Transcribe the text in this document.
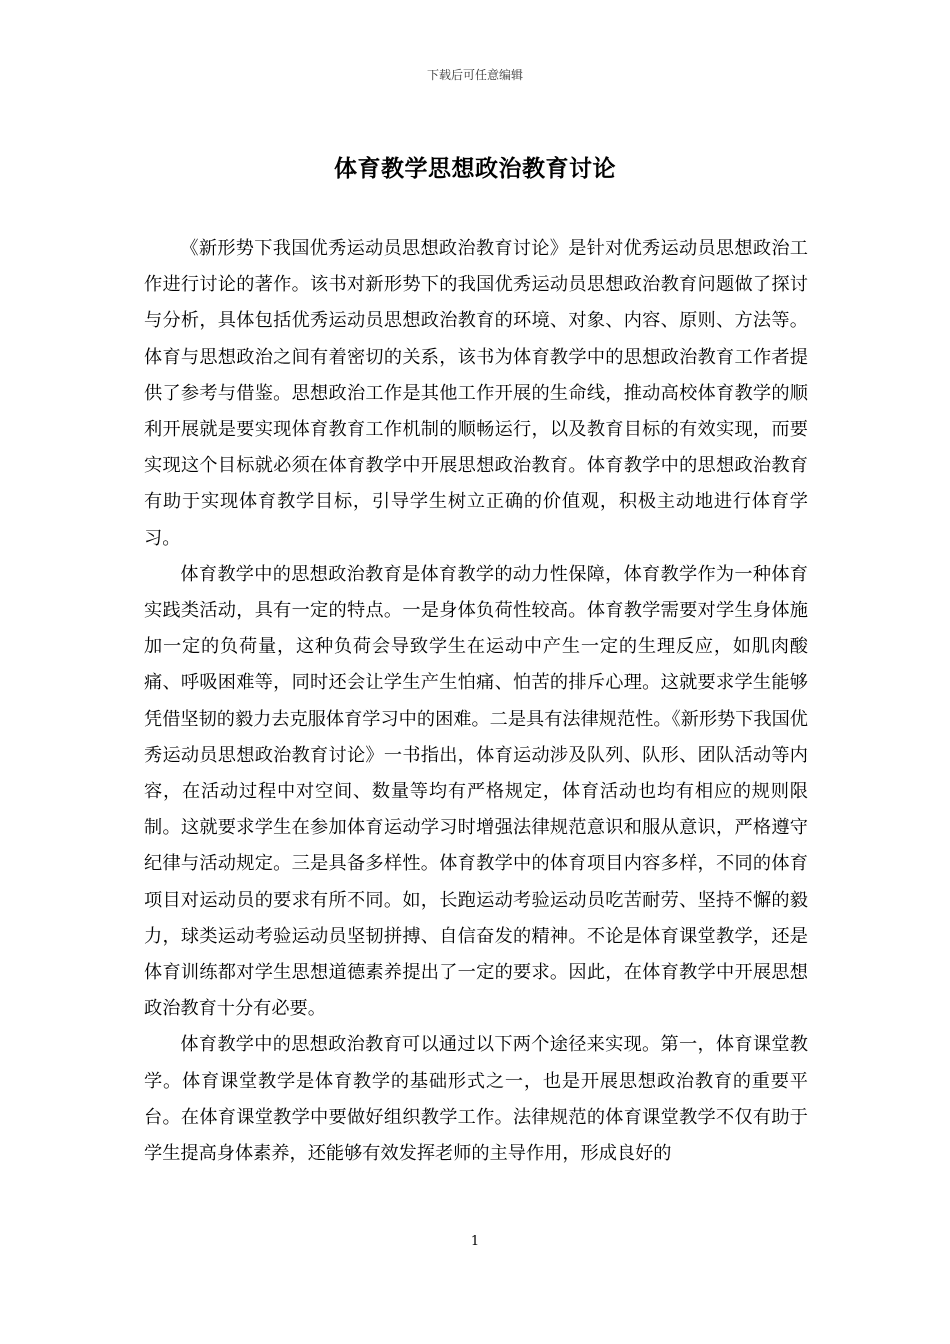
下载后可任意编辑
体育教学思想政治教育讨论

《新形势下我国优秀运动员思想政治教育讨论》是针对优秀运动员思想政治工作进行讨论的著作。该书对新形势下的我国优秀运动员思想政治教育问题做了探讨与分析，具体包括优秀运动员思想政治教育的环境、对象、内容、原则、方法等。体育与思想政治之间有着密切的关系，该书为体育教学中的思想政治教育工作者提供了参考与借鉴。思想政治工作是其他工作开展的生命线，推动高校体育教学的顺利开展就是要实现体育教育工作机制的顺畅运行，以及教育目标的有效实现，而要实现这个目标就必须在体育教学中开展思想政治教育。体育教学中的思想政治教育有助于实现体育教学目标，引导学生树立正确的价值观，积极主动地进行体育学习。

体育教学中的思想政治教育是体育教学的动力性保障，体育教学作为一种体育实践类活动，具有一定的特点。一是身体负荷性较高。体育教学需要对学生身体施加一定的负荷量，这种负荷会导致学生在运动中产生一定的生理反应，如肌肉酸痛、呼吸困难等，同时还会让学生产生怕痛、怕苦的排斥心理。这就要求学生能够凭借坚韧的毅力去克服体育学习中的困难。二是具有法律规范性。《新形势下我国优秀运动员思想政治教育讨论》一书指出，体育运动涉及队列、队形、团队活动等内容，在活动过程中对空间、数量等均有严格规定，体育活动也均有相应的规则限制。这就要求学生在参加体育运动学习时增强法律规范意识和服从意识，严格遵守纪律与活动规定。三是具备多样性。体育教学中的体育项目内容多样，不同的体育项目对运动员的要求有所不同。如，长跑运动考验运动员吃苦耐劳、坚持不懈的毅力，球类运动考验运动员坚韧拼搏、自信奋发的精神。不论是体育课堂教学，还是体育训练都对学生思想道德素养提出了一定的要求。因此，在体育教学中开展思想政治教育十分有必要。

体育教学中的思想政治教育可以通过以下两个途径来实现。第一，体育课堂教学。体育课堂教学是体育教学的基础形式之一，也是开展思想政治教育的重要平台。在体育课堂教学中要做好组织教学工作。法律规范的体育课堂教学不仅有助于学生提高身体素养，还能够有效发挥老师的主导作用，形成良好的

1
